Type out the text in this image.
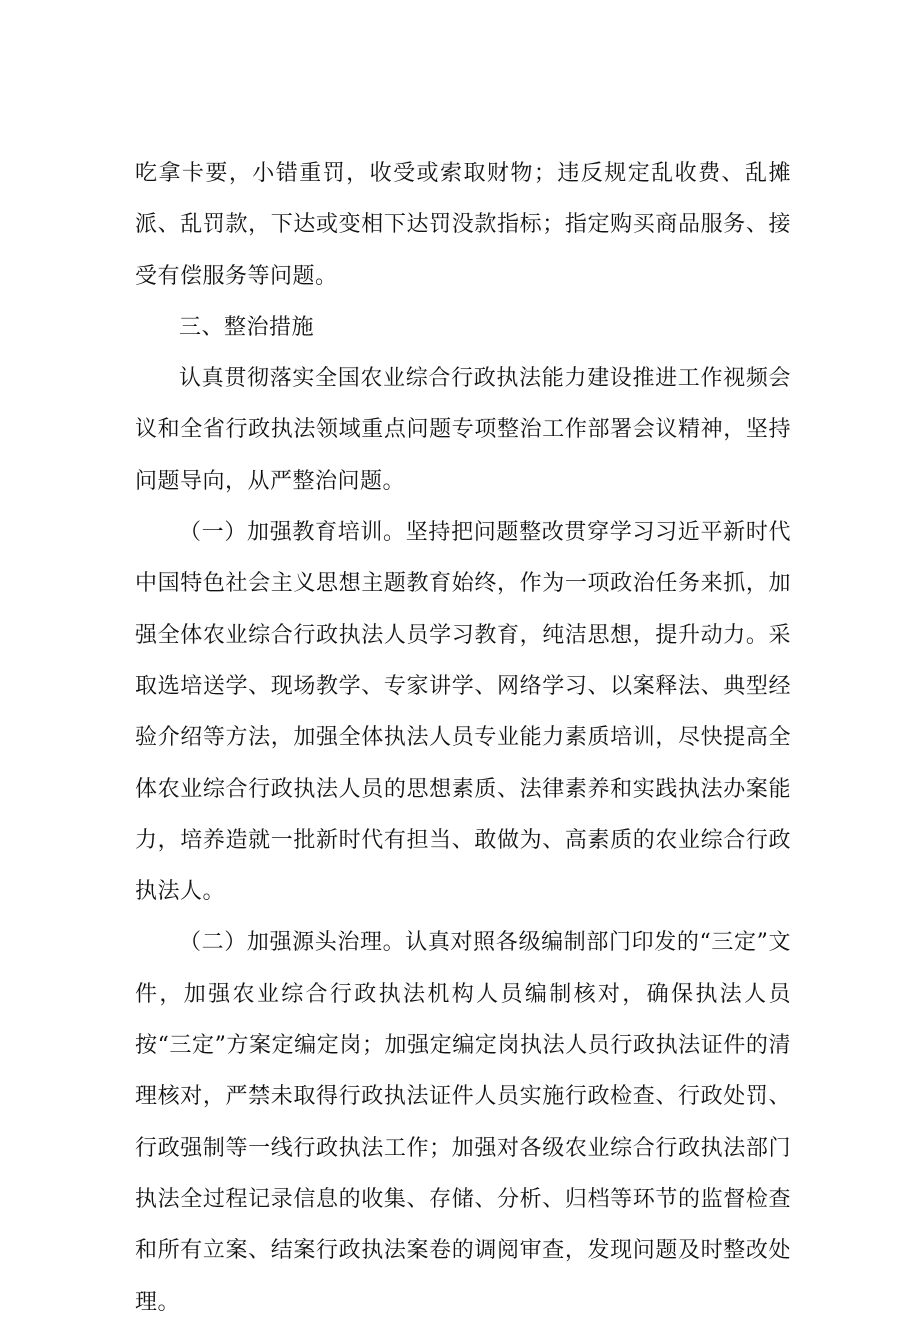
吃拿卡要，小错重罚，收受或索取财物；违反规定乱收费、乱摊派、乱罚款，下达或变相下达罚没款指标；指定购买商品服务、接受有偿服务等问题。

三、整治措施

认真贯彻落实全国农业综合行政执法能力建设推进工作视频会议和全省行政执法领域重点问题专项整治工作部署会议精神，坚持问题导向，从严整治问题。

（一）加强教育培训。坚持把问题整改贯穿学习习近平新时代中国特色社会主义思想主题教育始终，作为一项政治任务来抓，加强全体农业综合行政执法人员学习教育，纯洁思想，提升动力。采取选培送学、现场教学、专家讲学、网络学习、以案释法、典型经验介绍等方法，加强全体执法人员专业能力素质培训，尽快提高全体农业综合行政执法人员的思想素质、法律素养和实践执法办案能力，培养造就一批新时代有担当、敢做为、高素质的农业综合行政执法人。

（二）加强源头治理。认真对照各级编制部门印发的“三定”文件，加强农业综合行政执法机构人员编制核对，确保执法人员按“三定”方案定编定岗；加强定编定岗执法人员行政执法证件的清理核对，严禁未取得行政执法证件人员实施行政检查、行政处罚、行政强制等一线行政执法工作；加强对各级农业综合行政执法部门执法全过程记录信息的收集、存储、分析、归档等环节的监督检查和所有立案、结案行政执法案卷的调阅审查，发现问题及时整改处理。
